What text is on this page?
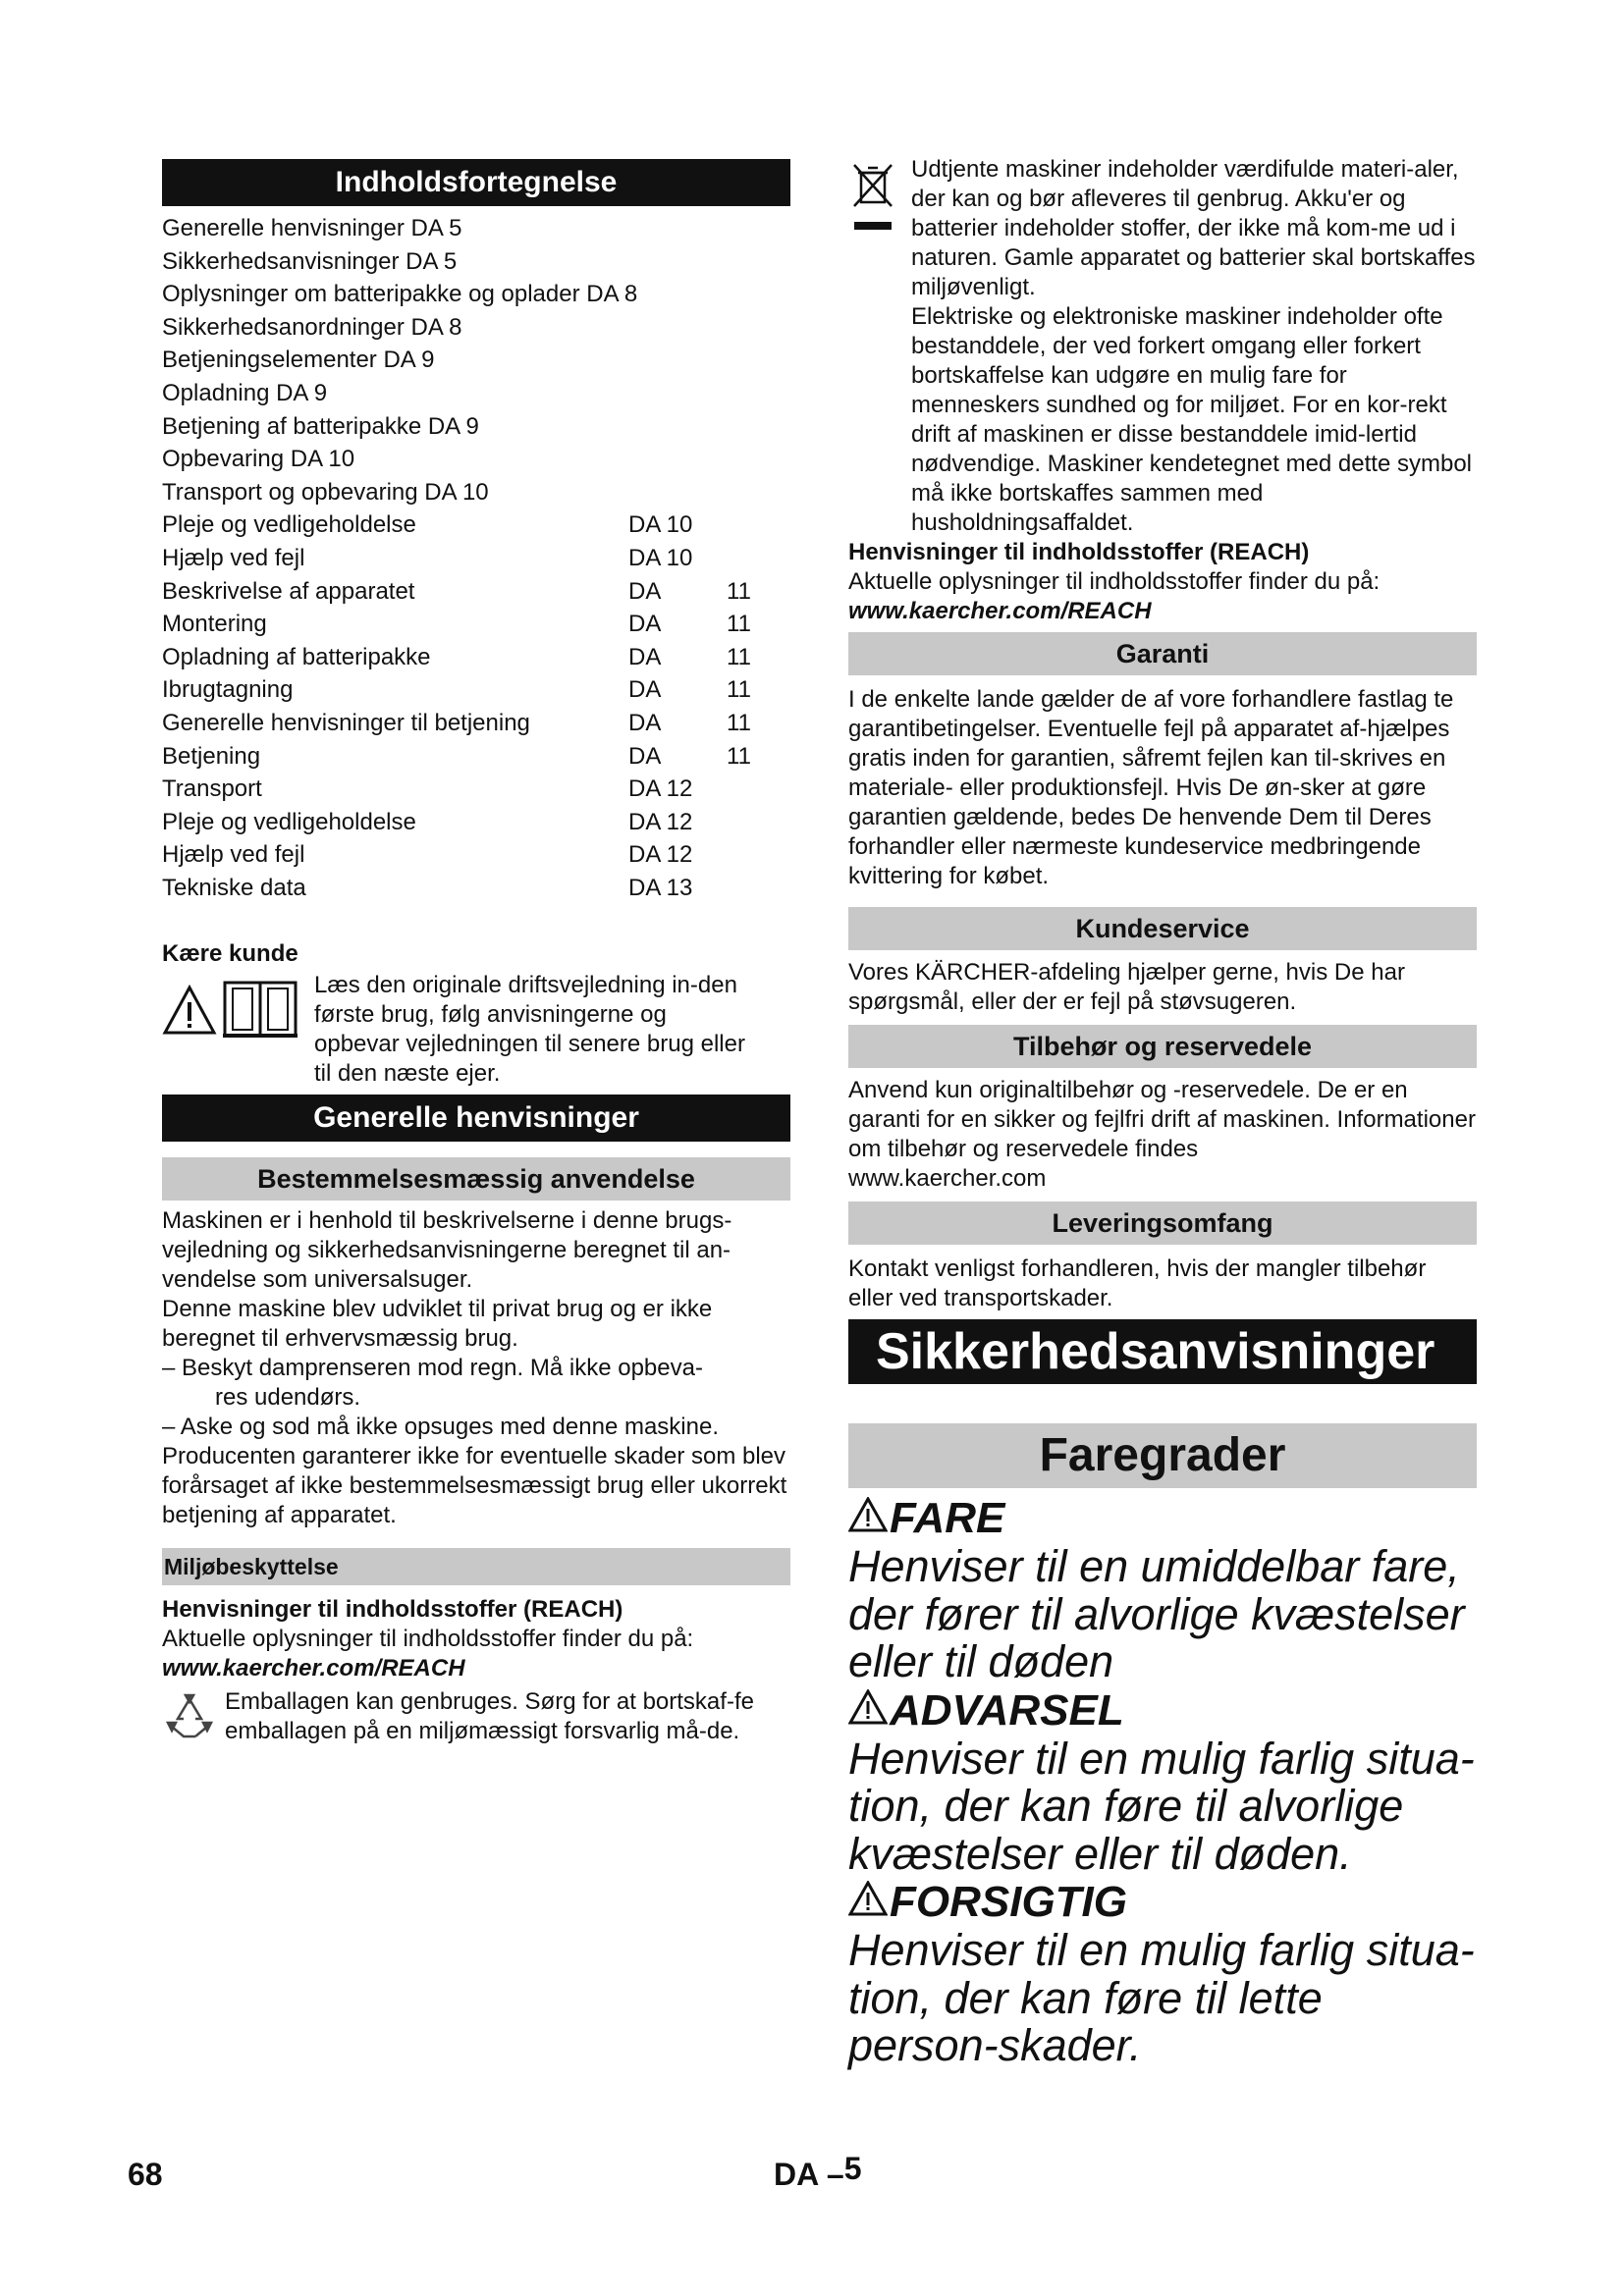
Indholdsfortegnelse
Generelle henvisninger DA 5
Sikkerhedsanvisninger DA 5
Oplysninger om batteripakke og oplader DA 8
Sikkerhedsanordninger DA 8
Betjeningselementer DA 9
Opladning DA 9
Betjening af batteripakke DA 9
Opbevaring DA 10
Transport og opbevaring DA 10
Pleje og vedligeholdelse	DA 10
Hjælp ved fejl	DA 10
Beskrivelse af apparatet	DA	11
Montering	DA	11
Opladning af batteripakke	DA	11
Ibrugtagning	DA	11
Generelle henvisninger til betjening	DA	11
Betjening	DA	11
Transport	DA 12
Pleje og vedligeholdelse	DA 12
Hjælp ved fejl	DA 12
Tekniske data	DA 13
Kære kunde

Læs den originale driftsvejledning in-den første brug, følg anvisningerne og opbevar vejledningen til senere brug eller til den næste ejer.

Generelle henvisninger
Bestemmelsesmæssig anvendelse

Maskinen er i henhold til beskrivelserne i denne brugs-vejledning og sikkerhedsanvisningerne beregnet til an-vendelse som universalsuger.

Denne maskine blev udviklet til privat brug og er ikke beregnet til erhvervsmæssig brug.

– Beskyt damprenseren mod regn. Må ikke opbeva-

res udendørs.

– Aske og sod må ikke opsuges med denne maskine.

Producenten garanterer ikke for eventuelle skader som blev forårsaget af ikke bestemmelsesmæssigt brug eller ukorrekt betjening af apparatet.

Miljøbeskyttelse

Henvisninger til indholdsstoffer (REACH)

Aktuelle oplysninger til indholdsstoffer finder du på:

www.kaercher.com/REACH

Emballagen kan genbruges. Sørg for at bortskaf-fe emballagen på en miljømæssigt forsvarlig må-de.

Udtjente maskiner indeholder værdifulde materi-aler, der kan og bør afleveres til genbrug. Akku'er og batterier indeholder stoffer, der ikke må kom-me ud i naturen. Gamle apparatet og batterier skal bortskaffes miljøvenligt.

Elektriske og elektroniske maskiner indeholder ofte bestanddele, der ved forkert omgang eller forkert bortskaffelse kan udgøre en mulig fare for menneskers sundhed og for miljøet. For en kor-rekt drift af maskinen er disse bestanddele imid-lertid nødvendige. Maskiner kendetegnet med dette symbol må ikke bortskaffes sammen med husholdningsaffaldet.

Henvisninger til indholdsstoffer (REACH)

Aktuelle oplysninger til indholdsstoffer finder du på:

www.kaercher.com/REACH

Garanti

I de enkelte lande gælder de af vore forhandlere fastlag te garantibetingelser. Eventuelle fejl på apparatet af-hjælpes gratis inden for garantien, såfremt fejlen kan til-skrives en materiale- eller produktionsfejl. Hvis De øn-sker at gøre garantien gældende, bedes De henvende Dem til Deres forhandler eller nærmeste kundeservice medbringende kvittering for købet.

Kundeservice

Vores KÄRCHER-afdeling hjælper gerne, hvis De har spørgsmål, eller der er fejl på støvsugeren.

Tilbehør og reservedele

Anvend kun originaltilbehør og -reservedele. De er en garanti for en sikker og fejlfri drift af maskinen. Informationer om tilbehør og reservedele findes

www.kaercher.com

Leveringsomfang

Kontakt venligst forhandleren, hvis der mangler tilbehør eller ved transportskader.

Sikkerhedsanvisninger
Faregrader
FARE

Henviser til en umiddelbar fare, der fører til alvorlige kvæstelser eller til døden

ADVARSEL

Henviser til en mulig farlig situa-tion, der kan føre til alvorlige kvæstelser eller til døden.

FORSIGTIG

Henviser til en mulig farlig situa-tion, der kan føre til lette person-skader.

68	DA –5
